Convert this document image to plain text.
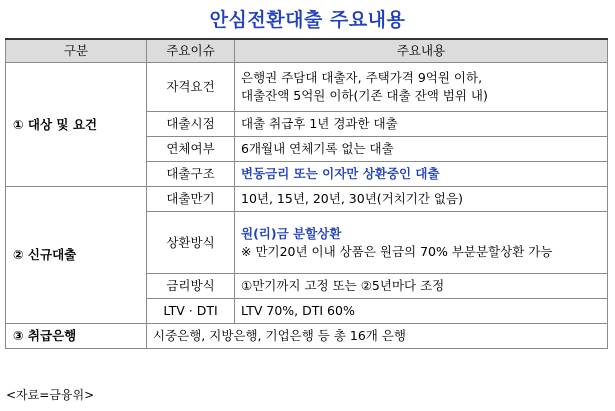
안심전환대출 주요내용
구분	주요이슈	주요내용
① 대상 및 요건	자격요건	은행권 주담대 대출자, 주택가격 9억원 이하,
대출잔액 5억원 이하(기존 대출 잔액 범위 내)

	대출시점	대출 취급후 1년 경과한 대출
	연체여부	6개월내 연체기록 없는 대출
	대출구조	변동금리 또는 이자만 상환중인 대출
② 신규대출	대출만기	10년, 15년, 20년, 30년(거치기간 없음)
	상환방식	원(리)금 분할상환
※ 만기20년 이내 상품은 원금의 70% 부분분할상환 가능

	금리방식	①만기까지 고정 또는 ②5년마다 조정
	LTV · DTI	LTV 70%, DTI 60%
③ 취급은행	시중은행, 지방은행, 기업은행 등 총 16개 은행	
<자료=금융위>
